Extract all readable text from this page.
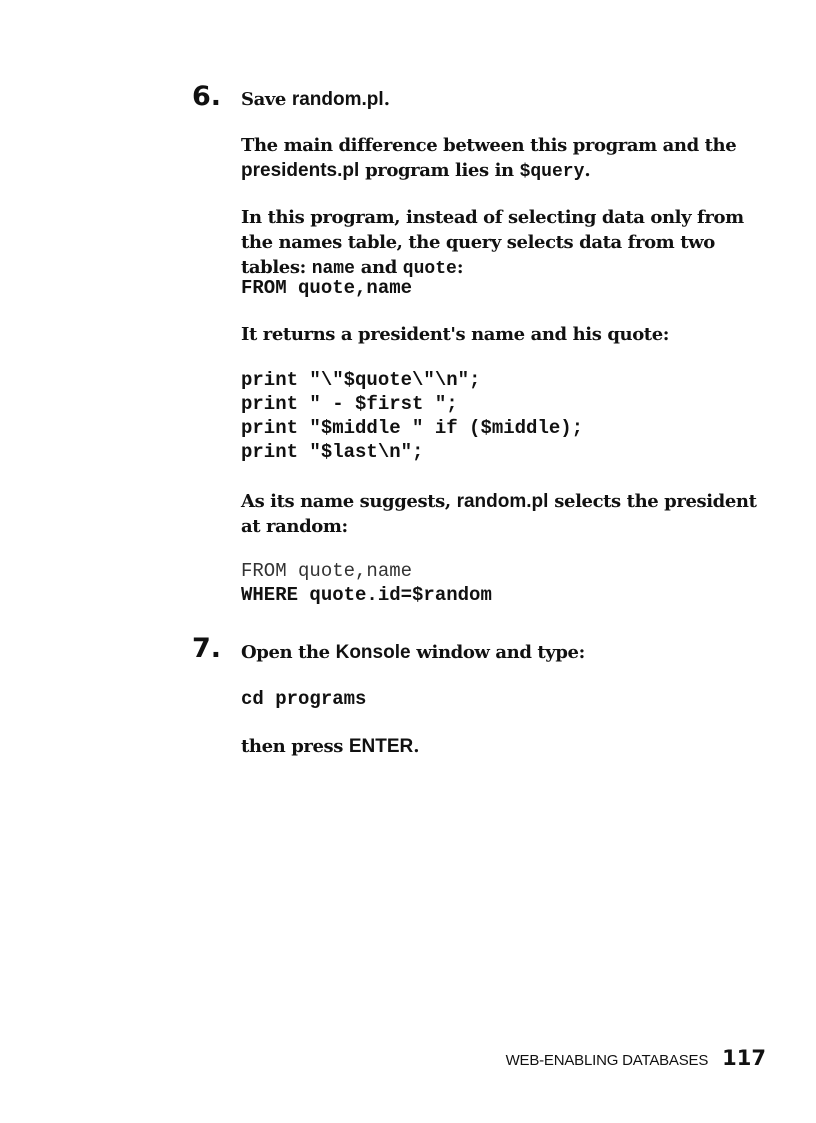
6.	Save random.pl.

The main difference between this program and the
presidents.pl program lies in $query.

In this program, instead of selecting data only from the names table, the query selects data from two tables: name and quote:

FROM quote,name

It returns a president's name and his quote:

print "\"$quote\"\n";
print " - $first ";
print "$middle " if ($middle);
print "$last\n";

As its name suggests, random.pl selects the president at random:

FROM quote,name
WHERE quote.id=$random
7.	Open the Konsole window and type:
cd programs

then press ENTER.

WEB-ENABLING DATABASES 117
